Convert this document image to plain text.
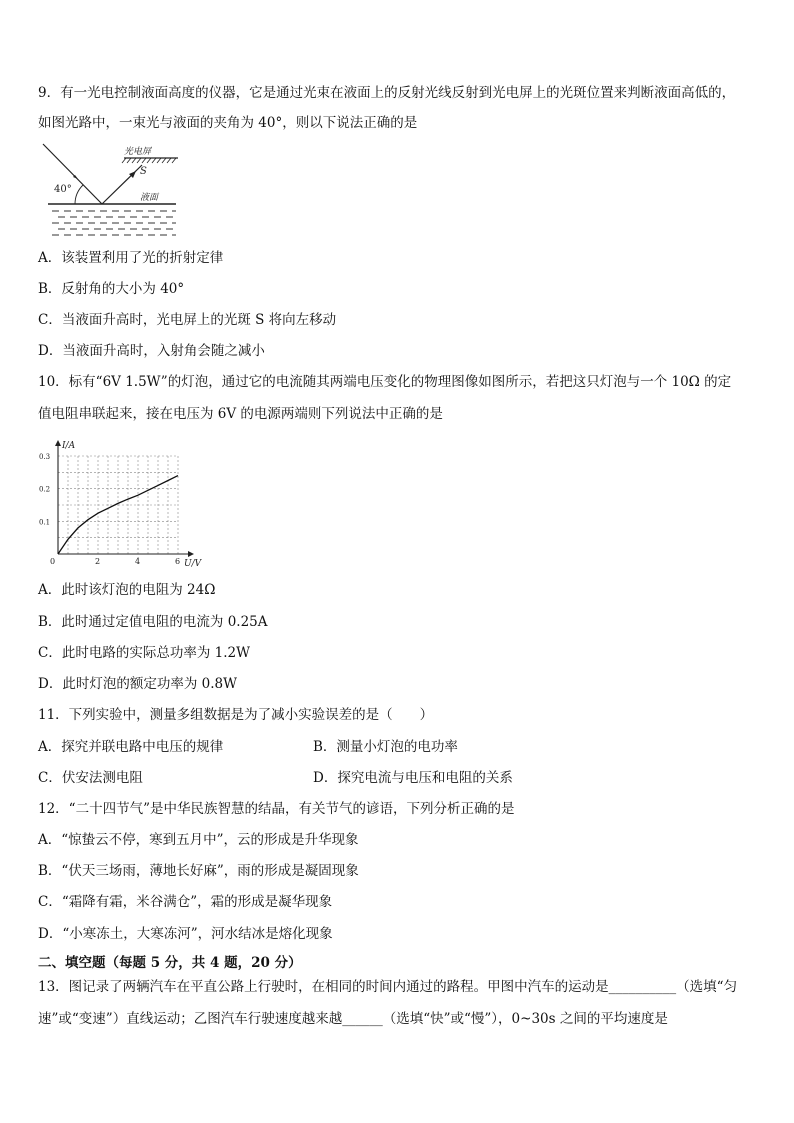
9．有一光电控制液面高度的仪器，它是通过光束在液面上的反射光线反射到光电屏上的光斑位置来判断液面高低的，
如图光路中，一束光与液面的夹角为 40°，则以下说法正确的是
光电屏
S
40°
液面
A．该装置利用了光的折射定律
B．反射角的大小为 40°
C．当液面升高时，光电屏上的光斑 S 将向左移动
D．当液面升高时，入射角会随之减小
10．标有“6V 1.5W”的灯泡，通过它的电流随其两端电压变化的物理图像如图所示，若把这只灯泡与一个 10Ω 的定
值电阻串联起来，接在电压为 6V 的电源两端则下列说法中正确的是
I/A
U/V
0	2	4	6
0.1
0.2
0.3
A．此时该灯泡的电阻为 24Ω
B．此时通过定值电阻的电流为 0.25A
C．此时电路的实际总功率为 1.2W
D．此时灯泡的额定功率为 0.8W
11．下列实验中，测量多组数据是为了减小实验误差的是（　　）
A．探究并联电路中电压的规律	B．测量小灯泡的电功率
C．伏安法测电阻	D．探究电流与电压和电阻的关系
12．“二十四节气”是中华民族智慧的结晶，有关节气的谚语，下列分析正确的是
A．“惊蛰云不停，寒到五月中”，云的形成是升华现象
B．“伏天三场雨，薄地长好麻”，雨的形成是凝固现象
C．“霜降有霜，米谷满仓”，霜的形成是凝华现象
D．“小寒冻土，大寒冻河”，河水结冰是熔化现象
二、填空题（每题 5 分，共 4 题，20 分）
13．图记录了两辆汽车在平直公路上行驶时，在相同的时间内通过的路程。甲图中汽车的运动是__________（选填“匀
速”或“变速”）直线运动；乙图汽车行驶速度越来越______（选填“快”或“慢”），0~30s 之间的平均速度是
